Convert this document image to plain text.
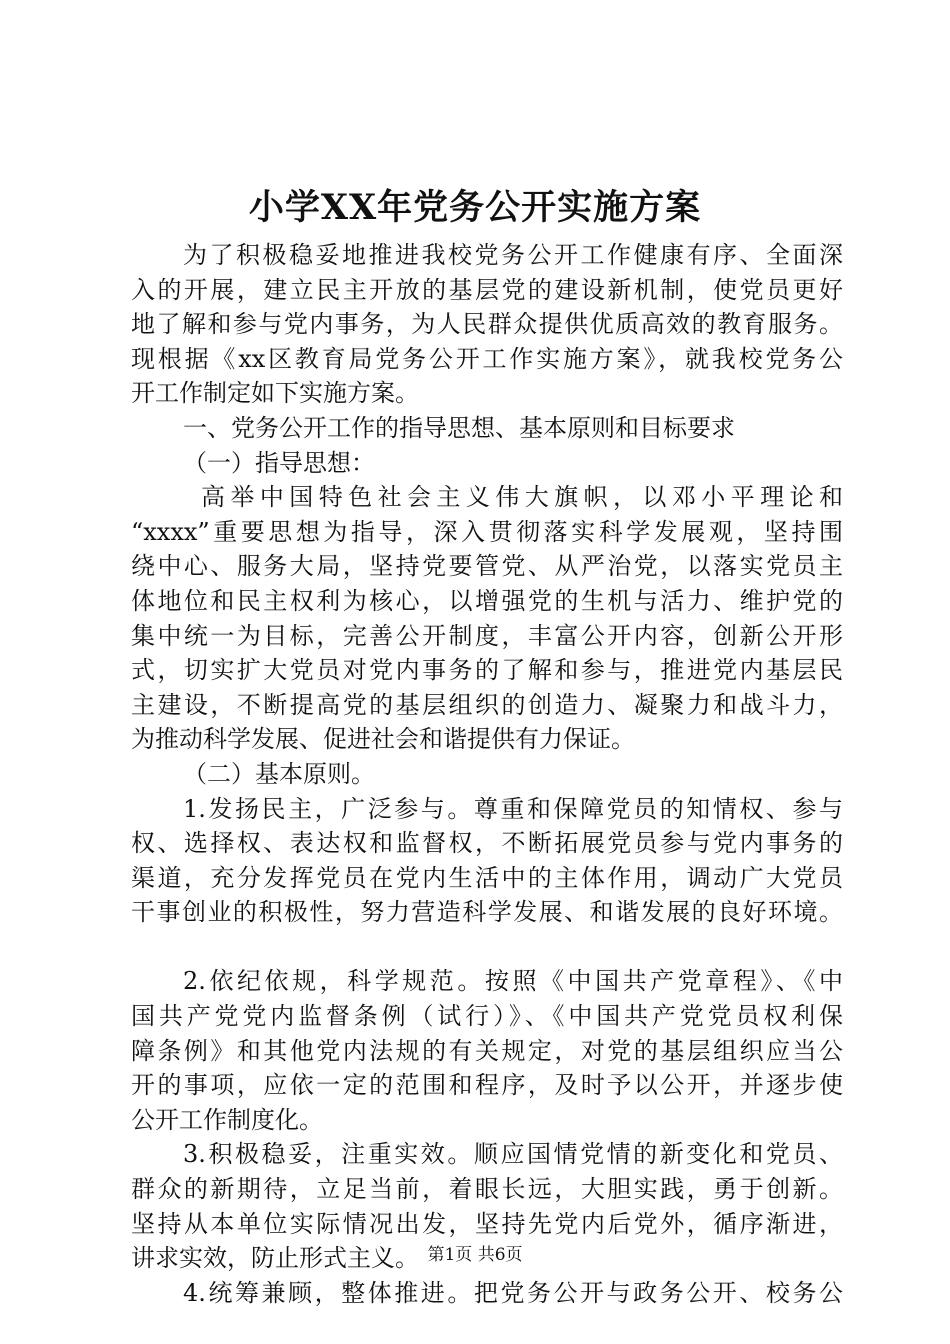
小学XX年党务公开实施方案
为了积极稳妥地推进我校党务公开工作健康有序、全面深
入的开展，建立民主开放的基层党的建设新机制，使党员更好
地了解和参与党内事务，为人民群众提供优质高效的教育服务。
现根据《xx区教育局党务公开工作实施方案》，就我校党务公
开工作制定如下实施方案。
一、党务公开工作的指导思想、基本原则和目标要求
（一）指导思想：
高举中国特色社会主义伟大旗帜，以邓小平理论和
“xxxx”重要思想为指导，深入贯彻落实科学发展观，坚持围
绕中心、服务大局，坚持党要管党、从严治党，以落实党员主
体地位和民主权利为核心，以增强党的生机与活力、维护党的
集中统一为目标，完善公开制度，丰富公开内容，创新公开形
式，切实扩大党员对党内事务的了解和参与，推进党内基层民
主建设，不断提高党的基层组织的创造力、凝聚力和战斗力，
为推动科学发展、促进社会和谐提供有力保证。
（二）基本原则。
1.发扬民主，广泛参与。尊重和保障党员的知情权、参与
权、选择权、表达权和监督权，不断拓展党员参与党内事务的
渠道，充分发挥党员在党内生活中的主体作用，调动广大党员
干事创业的积极性，努力营造科学发展、和谐发展的良好环境。
2.依纪依规，科学规范。按照《中国共产党章程》、《中
国共产党党内监督条例（试行）》、《中国共产党党员权利保
障条例》和其他党内法规的有关规定，对党的基层组织应当公
开的事项，应依一定的范围和程序，及时予以公开，并逐步使
公开工作制度化。
3.积极稳妥，注重实效。顺应国情党情的新变化和党员、
群众的新期待，立足当前，着眼长远，大胆实践，勇于创新。
坚持从本单位实际情况出发，坚持先党内后党外，循序渐进，
讲求实效，防止形式主义。
4.统筹兼顾，整体推进。把党务公开与政务公开、校务公
第1页 共6页
